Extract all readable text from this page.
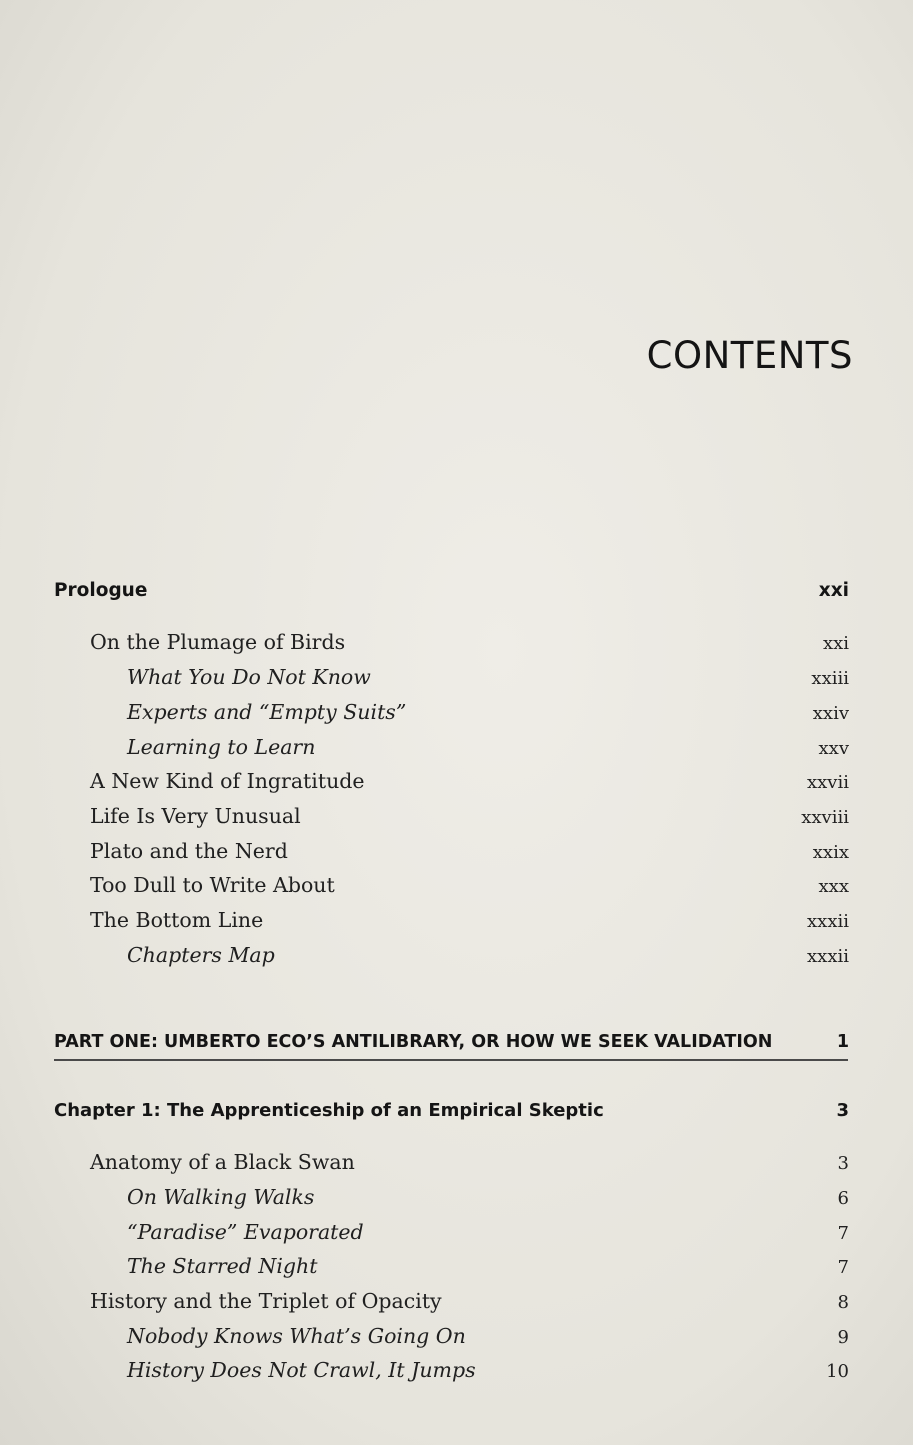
CONTENTS
Prologue	xxi
On the Plumage of Birds	xxi
What You Do Not Know	xxiii
Experts and “Empty Suits”	xxiv
Learning to Learn	xxv
A New Kind of Ingratitude	xxvii
Life Is Very Unusual	xxviii
Plato and the Nerd	xxix
Too Dull to Write About	xxx
The Bottom Line	xxxii
Chapters Map	xxxii
PART ONE: UMBERTO ECO’S ANTILIBRARY, OR HOW WE SEEK VALIDATION	1
Chapter 1: The Apprenticeship of an Empirical Skeptic	3
Anatomy of a Black Swan	3
On Walking Walks	6
“Paradise” Evaporated	7
The Starred Night	7
History and the Triplet of Opacity	8
Nobody Knows What’s Going On	9
History Does Not Crawl, It Jumps	10
